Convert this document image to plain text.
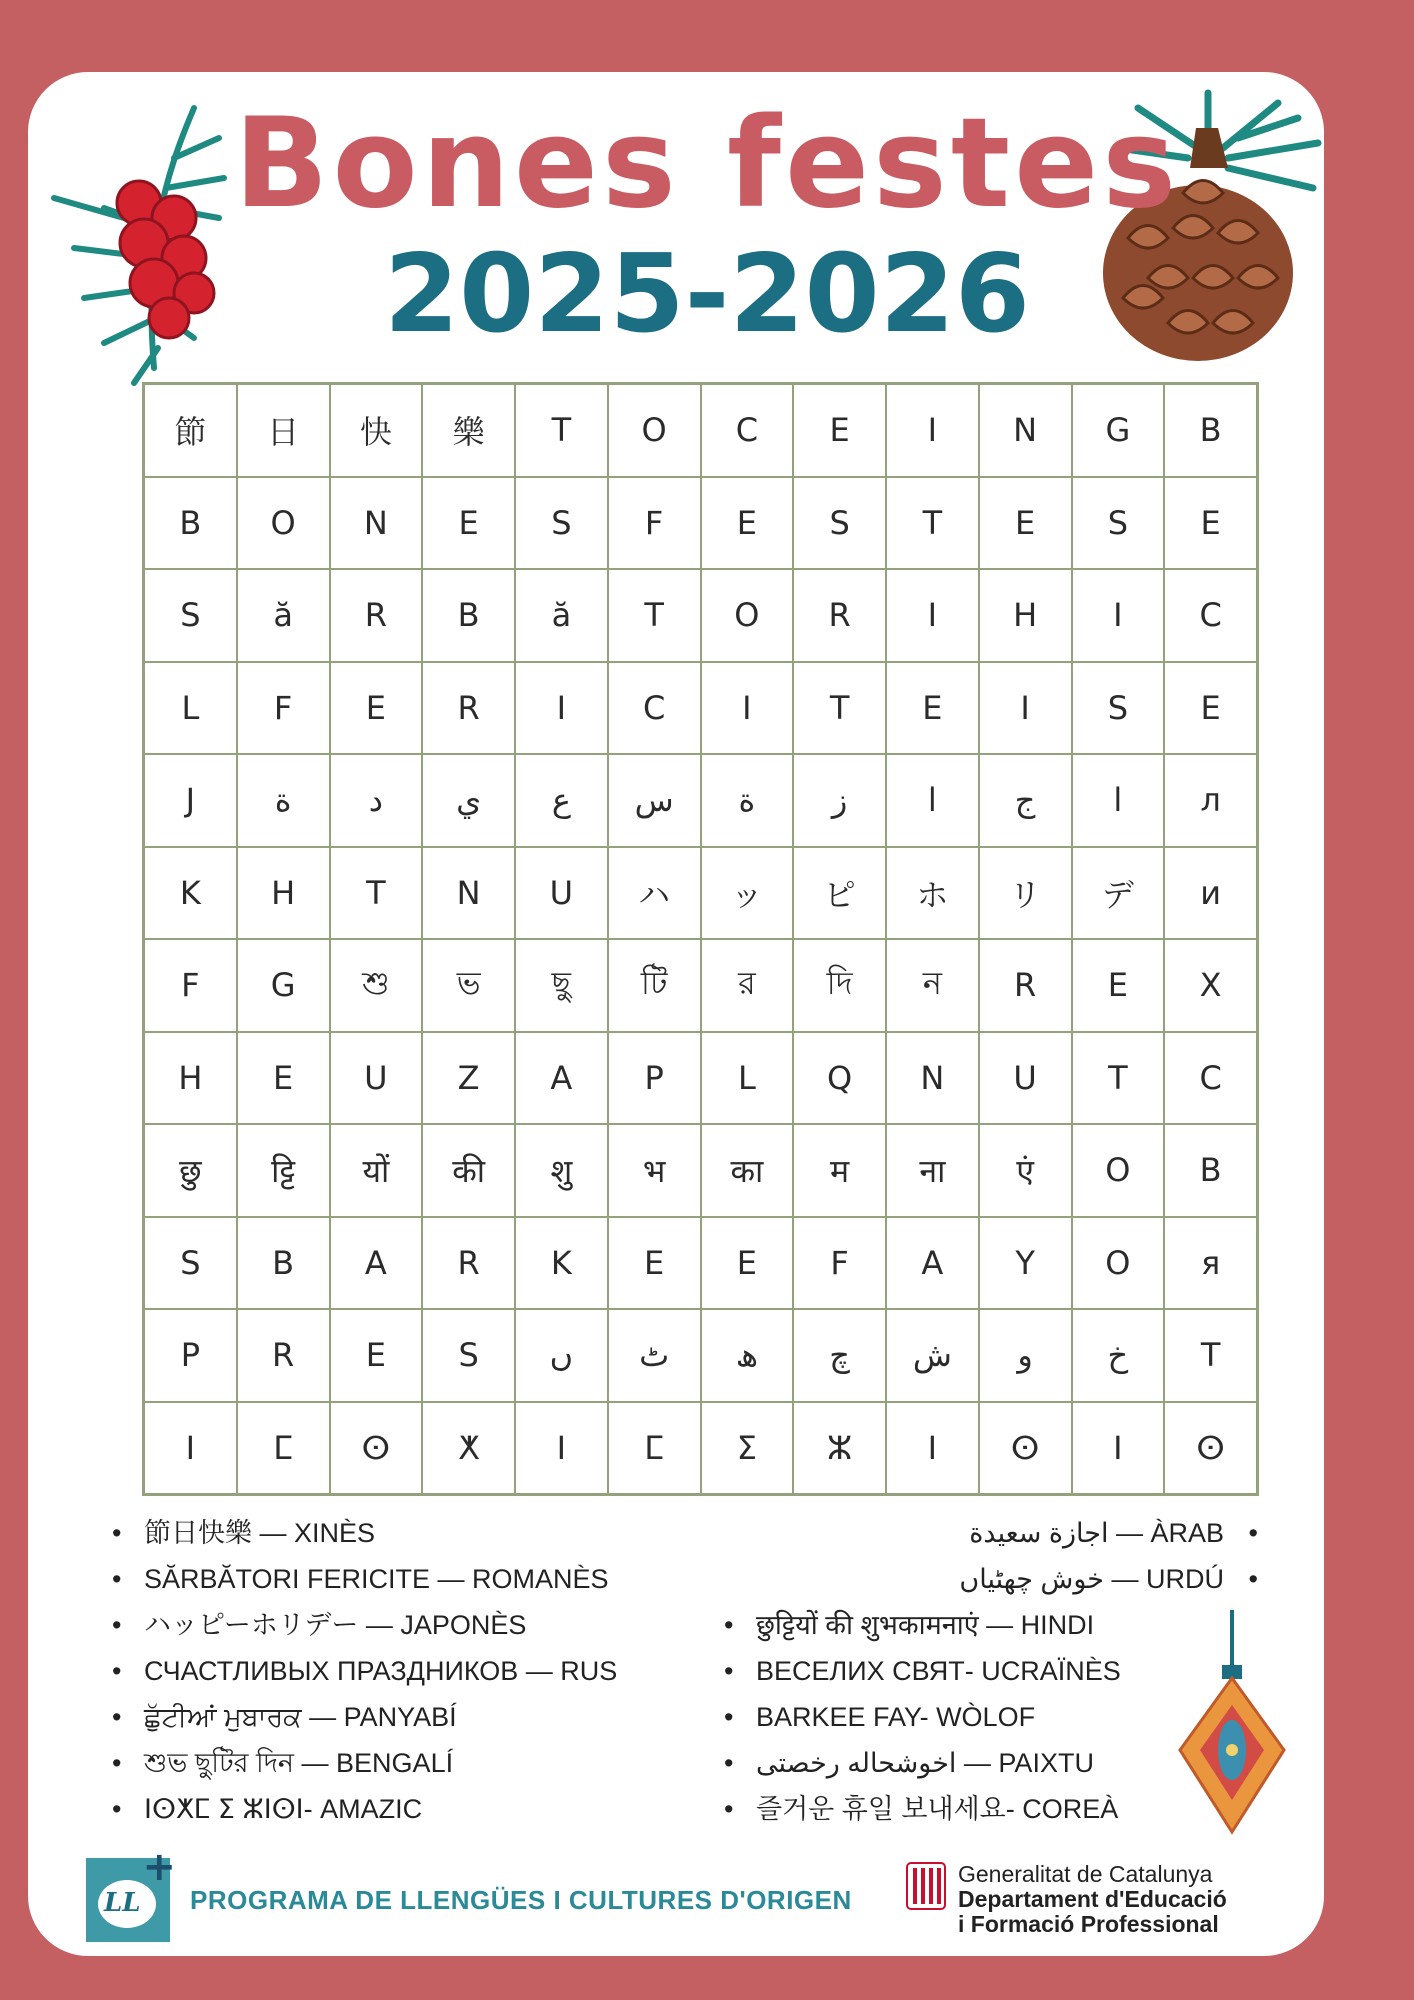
Bones festes
2025-2026
節	日	快	樂	T	O	C	E	I	N	G	B
B	O	N	E	S	F	E	S	T	E	S	E
S	ă	R	B	ă	T	O	R	I	H	I	C
L	F	E	R	I	C	I	T	E	I	S	E
J	ة	د	ي	ع	س	ة	ز	ا	ج	ا	л
K	H	T	N	U	ハ	ッ	ピ	ホ	リ	デ	и
F	G	শু	ভ	ছু	টি	র	দি	ন	R	E	X
H	E	U	Z	A	P	L	Q	N	U	T	C
छु	ट्टि	यों	की	शु	भ	का	म	ना	एं	O	B
S	B	A	R	K	E	E	F	A	Y	O	я
P	R	E	S	ں	ٹ	ھ	چ	ش	و	خ	T
ⵏ	ⵎ	ⵙ	ⵅ	ⵏ	ⵎ	ⵉ	ⵣ	ⵏ	ⵙ	ⵏ	ⵙ
• 節日快樂 — XINÈS
• SĂRBĂTORI FERICITE — ROMANÈS
• ハッピーホリデー — JAPONÈS
• СЧАСТЛИВЫХ ПРАЗДНИКОВ — RUS
• ਛੁੱਟੀਆਂ ਮੁਬਾਰਕ — PANYABÍ
• শুভ ছুটির দিন — BENGALÍ
• ⵏⵙⵅⵎ ⵉ ⵣⵏⵙⵏ- AMAZIC
اجازة سعيدة — ÀRAB •
خوش چھٹیاں — URDÚ •
• छुट्टियों की शुभकामनाएं — HINDI
• ВЕСЕЛИХ СВЯТ- UCRAÏNÈS
• BARKEE FAY- WÒLOF
• اخوشحاله رخصتی — PAIXTU
• 즐거운 휴일 보내세요- COREÀ
LL
+
PROGRAMA DE LLENGÜES I CULTURES D'ORIGEN
Generalitat de Catalunya
Departament d'Educació
i Formació Professional
